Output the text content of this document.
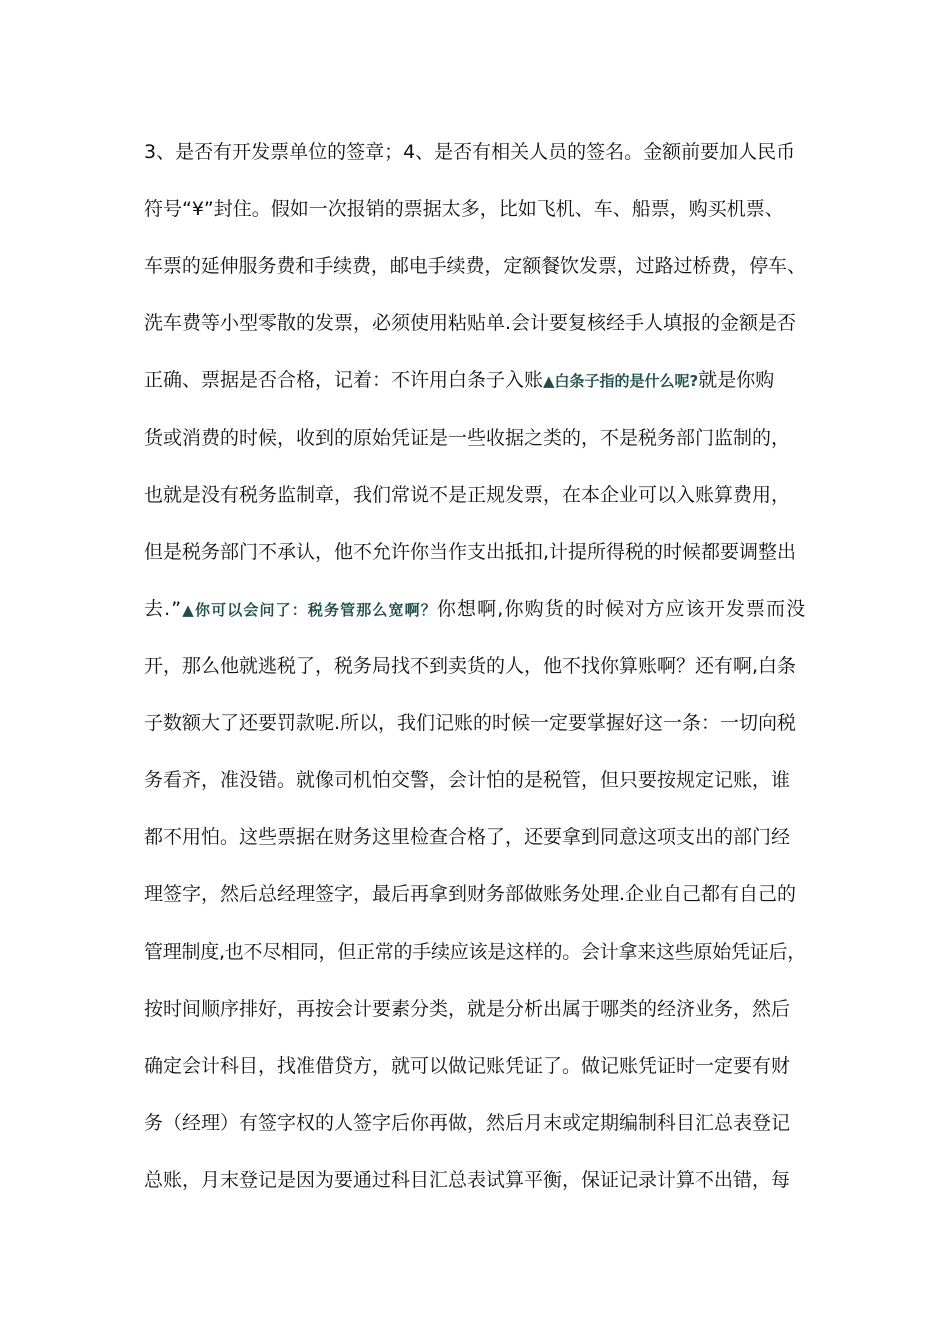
3、是否有开发票单位的签章；4、是否有相关人员的签名。金额前要加人民币
符号“¥”封住。假如一次报销的票据太多，比如飞机、车、船票，购买机票、
车票的延伸服务费和手续费，邮电手续费，定额餐饮发票，过路过桥费，停车、
洗车费等小型零散的发票，必须使用粘贴单.会计要复核经手人填报的金额是否
正确、票据是否合格，记着：不许用白条子入账▲白条子指的是什么呢?就是你购
货或消费的时候，收到的原始凭证是一些收据之类的，不是税务部门监制的，
也就是没有税务监制章，我们常说不是正规发票，在本企业可以入账算费用，
但是税务部门不承认，他不允许你当作支出抵扣,计提所得税的时候都要调整出
去.”▲你可以会问了：税务管那么宽啊？你想啊,你购货的时候对方应该开发票而没
开，那么他就逃税了，税务局找不到卖货的人，他不找你算账啊？还有啊,白条
子数额大了还要罚款呢.所以，我们记账的时候一定要掌握好这一条：一切向税
务看齐，准没错。就像司机怕交警，会计怕的是税管，但只要按规定记账，谁
都不用怕。这些票据在财务这里检查合格了，还要拿到同意这项支出的部门经
理签字，然后总经理签字，最后再拿到财务部做账务处理.企业自己都有自己的
管理制度,也不尽相同，但正常的手续应该是这样的。会计拿来这些原始凭证后，
按时间顺序排好，再按会计要素分类，就是分析出属于哪类的经济业务，然后
确定会计科目，找准借贷方，就可以做记账凭证了。做记账凭证时一定要有财
务（经理）有签字权的人签字后你再做，然后月末或定期编制科目汇总表登记
总账，月末登记是因为要通过科目汇总表试算平衡，保证记录计算不出错，每
